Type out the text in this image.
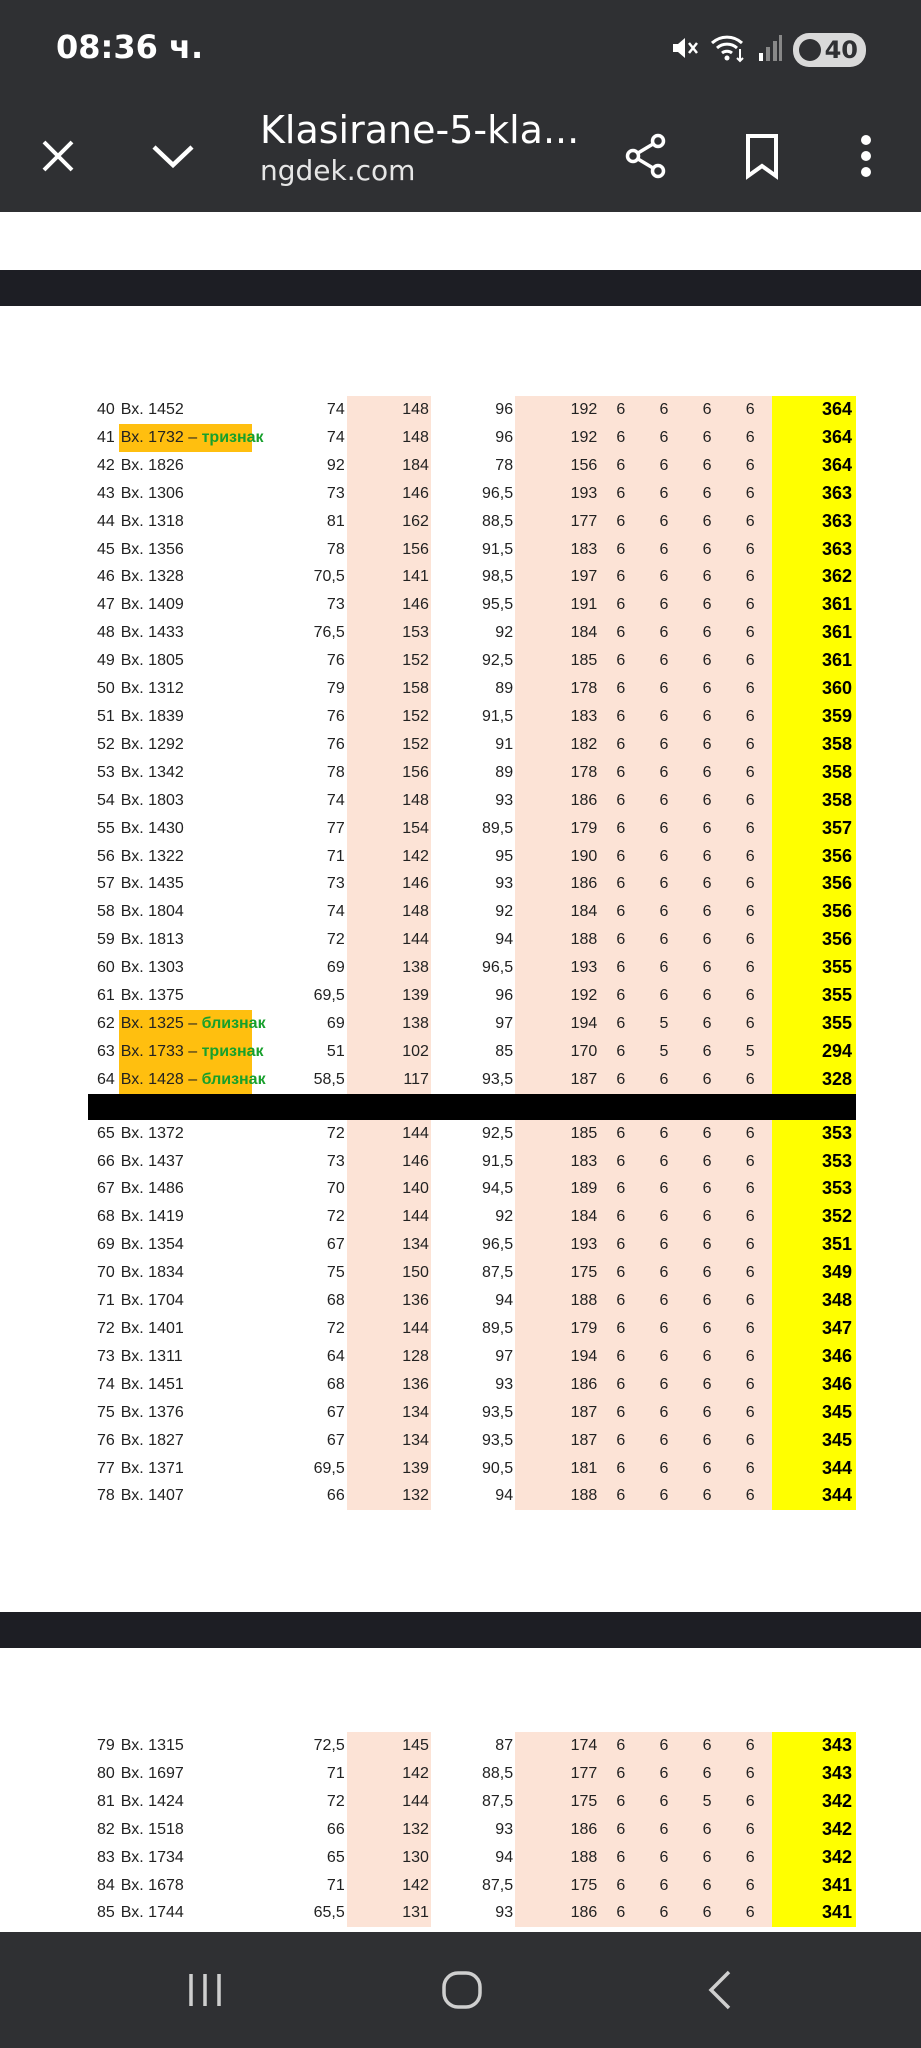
08:36 ч.	40
Klasirane-5-kla...
ngdek.com
40	Вх. 1452	74	148	96	192	6	6	6	6	364
41	Вх. 1732 – тризнак	74	148	96	192	6	6	6	6	364
42	Вх. 1826	92	184	78	156	6	6	6	6	364
43	Вх. 1306	73	146	96,5	193	6	6	6	6	363
44	Вх. 1318	81	162	88,5	177	6	6	6	6	363
45	Вх. 1356	78	156	91,5	183	6	6	6	6	363
46	Вх. 1328	70,5	141	98,5	197	6	6	6	6	362
47	Вх. 1409	73	146	95,5	191	6	6	6	6	361
48	Вх. 1433	76,5	153	92	184	6	6	6	6	361
49	Вх. 1805	76	152	92,5	185	6	6	6	6	361
50	Вх. 1312	79	158	89	178	6	6	6	6	360
51	Вх. 1839	76	152	91,5	183	6	6	6	6	359
52	Вх. 1292	76	152	91	182	6	6	6	6	358
53	Вх. 1342	78	156	89	178	6	6	6	6	358
54	Вх. 1803	74	148	93	186	6	6	6	6	358
55	Вх. 1430	77	154	89,5	179	6	6	6	6	357
56	Вх. 1322	71	142	95	190	6	6	6	6	356
57	Вх. 1435	73	146	93	186	6	6	6	6	356
58	Вх. 1804	74	148	92	184	6	6	6	6	356
59	Вх. 1813	72	144	94	188	6	6	6	6	356
60	Вх. 1303	69	138	96,5	193	6	6	6	6	355
61	Вх. 1375	69,5	139	96	192	6	6	6	6	355
62	Вх. 1325 – близнак	69	138	97	194	6	5	6	6	355
63	Вх. 1733 – тризнак	51	102	85	170	6	5	6	5	294
64	Вх. 1428 – близнак	58,5	117	93,5	187	6	6	6	6	328

65	Вх. 1372	72	144	92,5	185	6	6	6	6	353
66	Вх. 1437	73	146	91,5	183	6	6	6	6	353
67	Вх. 1486	70	140	94,5	189	6	6	6	6	353
68	Вх. 1419	72	144	92	184	6	6	6	6	352
69	Вх. 1354	67	134	96,5	193	6	6	6	6	351
70	Вх. 1834	75	150	87,5	175	6	6	6	6	349
71	Вх. 1704	68	136	94	188	6	6	6	6	348
72	Вх. 1401	72	144	89,5	179	6	6	6	6	347
73	Вх. 1311	64	128	97	194	6	6	6	6	346
74	Вх. 1451	68	136	93	186	6	6	6	6	346
75	Вх. 1376	67	134	93,5	187	6	6	6	6	345
76	Вх. 1827	67	134	93,5	187	6	6	6	6	345
77	Вх. 1371	69,5	139	90,5	181	6	6	6	6	344
78	Вх. 1407	66	132	94	188	6	6	6	6	344
79	Вх. 1315	72,5	145	87	174	6	6	6	6	343
80	Вх. 1697	71	142	88,5	177	6	6	6	6	343
81	Вх. 1424	72	144	87,5	175	6	6	5	6	342
82	Вх. 1518	66	132	93	186	6	6	6	6	342
83	Вх. 1734	65	130	94	188	6	6	6	6	342
84	Вх. 1678	71	142	87,5	175	6	6	6	6	341
85	Вх. 1744	65,5	131	93	186	6	6	6	6	341
